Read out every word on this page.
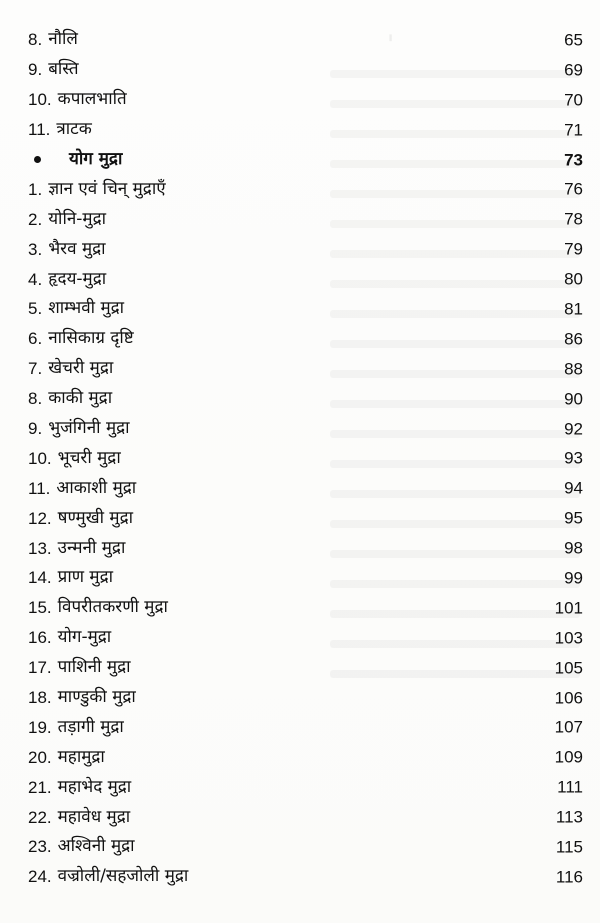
॑
8. नौलि	65
9. बस्ति	69
10. कपालभाति	70
11. त्राटक	71
योग मुद्रा	73
1. ज्ञान एवं चिन् मुद्राएँ	76
2. योनि-मुद्रा	78
3. भैरव मुद्रा	79
4. हृदय-मुद्रा	80
5. शाम्भवी मुद्रा	81
6. नासिकाग्र दृष्टि	86
7. खेचरी मुद्रा	88
8. काकी मुद्रा	90
9. भुजंगिनी मुद्रा	92
10. भूचरी मुद्रा	93
11. आकाशी मुद्रा	94
12. षण्मुखी मुद्रा	95
13. उन्मनी मुद्रा	98
14. प्राण मुद्रा	99
15. विपरीतकरणी मुद्रा	101
16. योग-मुद्रा	103
17. पाशिनी मुद्रा	105
18. माण्डुकी मुद्रा	106
19. तड़ागी मुद्रा	107
20. महामुद्रा	109
21. महाभेद मुद्रा	111
22. महावेध मुद्रा	113
23. अश्विनी मुद्रा	115
24. वज्रोली/सहजोली मुद्रा	116
